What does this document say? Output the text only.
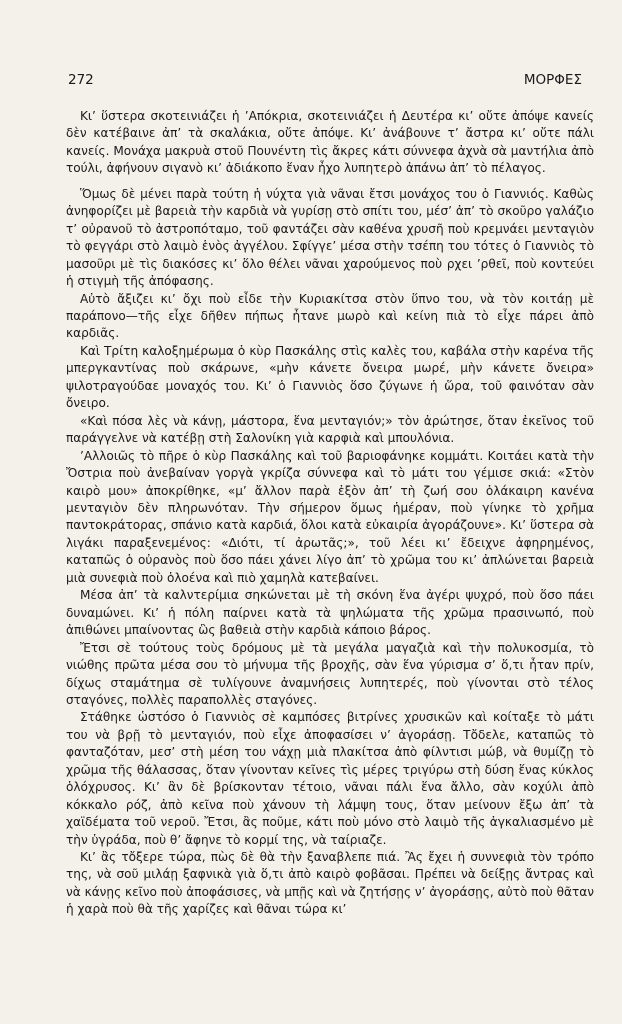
272	ΜΟΡΦΕΣ

Κι’ ὕστερα σκοτεινιάζει ἡ ’Απόκρια, σκοτεινιάζει ἡ Δευτέρα κι’ οὔτε ἀπόψε κανείς δὲν κατέβαινε ἀπ’ τὰ σκαλάκια, οὔτε ἀπόψε. Κι’ ἀνάβουνε τ’ ἄστρα κι’ οὔτε πάλι κανείς. Μονάχα μακρυὰ στοῦ Πουνέντη τὶς ἄκρες κάτι σύννεφα ἀχνὰ σὰ μαντήλια ἀπὸ τούλι, ἀφήνουν σιγανὸ κι’ ἀδιάκοπο ἕναν ἦχο λυπητερὸ ἀπάνω ἀπ’ τὸ πέλαγος.

Ὅμως δὲ μένει παρὰ τούτη ἡ νύχτα γιὰ νᾶναι ἔτσι μονάχος του ὁ Γιαννιός. Καθὼς ἀνηφορίζει μὲ βαρειὰ τὴν καρδιὰ νὰ γυρίσῃ στὸ σπίτι του, μέσ’ ἀπ’ τὸ σκοῦρο γαλάζιο τ’ οὐρανοῦ τὸ ἀστροπόταμο, τοῦ φαντάζει σὰν καθένα χρυσῆ ποὺ κρεμνάει μενταγιὸν τὸ φεγγάρι στὸ λαιμὸ ἑνὸς ἀγγέλου. Σφίγγε’ μέσα στὴν τσέπη του τότες ὁ Γιαννιὸς τὸ μασοῦρι μὲ τὶς διακόσες κι’ ὅλο θέλει νᾶναι χαρούμενος ποὺ ρχει ’ρθεῖ, ποὺ κοντεύει ἡ στιγμὴ τῆς ἀπόφασης.

Αὐτὸ ἄξιζει κι’ ὄχι ποὺ εἶδε τὴν Κυριακίτσα στὸν ὕπνο του, νὰ τὸν κοιτάῃ μὲ παράπονο—τῆς εἶχε δῆθεν πήπως ἦτανε μωρὸ καὶ κείνη πιὰ τὸ εἶχε πάρει ἀπὸ καρδιᾶς.

Καὶ Τρίτη καλοξημέρωμα ὁ κὺρ Πασκάλης στὶς καλὲς του, καβάλα στὴν καρένα τῆς μπεργκαντίνας ποὺ σκάρωνε, «μὴν κάνετε ὄνειρα μωρέ, μὴν κάνετε ὄνειρα» ψιλοτραγούδαε μοναχός του. Κι’ ὁ Γιαννιὸς ὅσο ζύγωνε ἡ ὥρα, τοῦ φαινόταν σὰν ὄνειρο.

«Καὶ πόσα λὲς νὰ κάνῃ, μάστορα, ἕνα μενταγιόν;» τὸν ἀρώτησε, ὅταν ἐκεῖνος τοῦ παράγγελνε νὰ κατέβῃ στὴ Σαλονίκη γιὰ καρφιὰ καὶ μπουλόνια.

’Αλλοιῶς τὸ πῆρε ὁ κὺρ Πασκάλης καὶ τοῦ βαριοφάνηκε κομμάτι. Κοιτάει κατὰ τὴν Ὄστρια ποὺ ἀνεβαίναν γοργὰ γκρίζα σύννεφα καὶ τὸ μάτι του γέμισε σκιά: «Στὸν καιρὸ μου» ἀποκρίθηκε, «μ’ ἄλλον παρὰ ἐξὸν ἀπ’ τὴ ζωή σου ὁλάκαιρη κανένα μενταγιὸν δὲν πληρωνόταν. Τὴν σήμερον ὅμως ἡμέραν, ποὺ γίνηκε τὸ χρῆμα παντοκράτορας, σπάνιο κατὰ καρδιά, ὅλοι κατὰ εὐκαιρία ἀγοράζουνε». Κι’ ὕστερα σὰ λιγάκι παραξενεμένος: «Διότι, τί ἀρωτᾶς;», τοῦ λέει κι’ ἔδειχνε ἀφηρημένος, καταπῶς ὁ οὐρανὸς ποὺ ὅσο πάει χάνει λίγο ἀπ’ τὸ χρῶμα του κι’ ἀπλώνεται βαρειὰ μιὰ συνεφιὰ ποὺ ὁλοένα καὶ πιὸ χαμηλὰ κατεβαίνει.

Μέσα ἀπ’ τὰ καλντερίμια σηκώνεται μὲ τὴ σκόνη ἕνα ἀγέρι ψυχρό, ποὺ ὅσο πάει δυναμώνει. Κι’ ἡ πόλη παίρνει κατὰ τὰ ψηλώματα τῆς χρῶμα πρασινωπό, ποὺ ἀπιθώνει μπαίνοντας ὣς βαθειὰ στὴν καρδιὰ κάποιο βάρος.

Ἔτσι σὲ τούτους τοὺς δρόμους μὲ τὰ μεγάλα μαγαζιὰ καὶ τὴν πολυκοσμία, τὸ νιώθης πρῶτα μέσα σου τὸ μήνυμα τῆς βροχῆς, σὰν ἕνα γύρισμα σ’ ὅ,τι ἦταν πρίν, δίχως σταμάτημα σὲ τυλίγουνε ἀναμνήσεις λυπητερές, ποὺ γίνονται στὸ τέλος σταγόνες, πολλὲς παραπολλὲς σταγόνες.

Στάθηκε ὡστόσο ὁ Γιαννιὸς σὲ καμπόσες βιτρίνες χρυσικῶν καὶ κοίταξε τὸ μάτι του νὰ βρῇ τὸ μενταγιόν, ποὺ εἶχε ἀποφασίσει ν’ ἀγοράσῃ. Τὄδελε, καταπῶς τὸ φανταζόταν, μεσ’ στὴ μέση του νάχῃ μιὰ πλακίτσα ἀπὸ φίλντισι μώβ, νὰ θυμίζῃ τὸ χρῶμα τῆς θάλασσας, ὅταν γίνονταν κεῖνες τὶς μέρες τριγύρω στὴ δύση ἕνας κύκλος ὁλόχρυσος. Κι’ ἂν δὲ βρίσκονταν τέτοιο, νᾶναι πάλι ἕνα ἄλλο, σὰν κοχύλι ἀπὸ κόκκαλο ρόζ, ἀπὸ κεῖνα ποὺ χάνουν τὴ λάμψη τους, ὅταν μείνουν ἔξω ἀπ’ τὰ χαϊδέματα τοῦ νεροῦ. Ἔτσι, ἂς ποῦμε, κάτι ποὺ μόνο στὸ λαιμὸ τῆς ἀγκαλιασμένο μὲ τὴν ὑγράδα, ποὺ θ’ ἄφηνε τὸ κορμί της, νὰ ταίριαζε.

Κι’ ἂς τὄξερε τώρα, πὼς δὲ θὰ τὴν ξαναβλεπε πιά. Ἂς ἔχει ἡ συννεφιὰ τὸν τρόπο της, νὰ σοῦ μιλάῃ ξαφνικὰ γιὰ ὅ,τι ἀπὸ καιρὸ φοβᾶσαι. Πρέπει νὰ δείξῃς ἄντρας καὶ νὰ κάνῃς κεῖνο ποὺ ἀποφάσισες, νὰ μπῇς καὶ νὰ ζητήσῃς ν’ ἀγοράσῃς, αὐτὸ ποὺ θᾶταν ἡ χαρὰ ποὺ θὰ τῆς χαρίζες καὶ θᾶναι τώρα κι’
